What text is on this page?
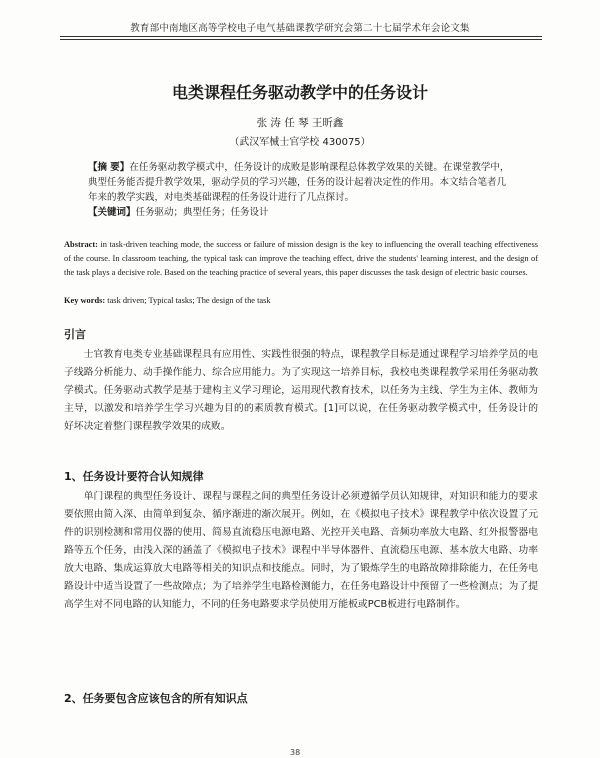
教育部中南地区高等学校电子电气基础课教学研究会第二十七届学术年会论文集
电类课程任务驱动教学中的任务设计
张 涛 任 琴 王昕鑫
（武汉军械士官学校 430075）
【摘 要】在任务驱动教学模式中，任务设计的成败是影响课程总体教学效果的关键。在课堂教学中，典型任务能否提升教学效果，驱动学员的学习兴趣，任务的设计起着决定性的作用。本文结合笔者几年来的教学实践，对电类基础课程的任务设计进行了几点探讨。
【关键词】任务驱动；典型任务；任务设计
Abstract: in task-driven teaching mode, the success or failure of mission design is the key to influencing the overall teaching effectiveness of the course. In classroom teaching, the typical task can improve the teaching effect, drive the students' learning interest, and the design of the task plays a decisive role. Based on the teaching practice of several years, this paper discusses the task design of electric basic courses.
Key words: task driven; Typical tasks; The design of the task
引言
士官教育电类专业基础课程具有应用性、实践性很强的特点，课程教学目标是通过课程学习培养学员的电子线路分析能力、动手操作能力、综合应用能力。为了实现这一培养目标，我校电类课程教学采用任务驱动教学模式。任务驱动式教学是基于建构主义学习理论，运用现代教育技术，以任务为主线、学生为主体、教师为主导，以激发和培养学生学习兴趣为目的的素质教育模式。[1]可以说，在任务驱动教学模式中，任务设计的好坏决定着整门课程教学效果的成败。
1、任务设计要符合认知规律
单门课程的典型任务设计、课程与课程之间的典型任务设计必须遵循学员认知规律，对知识和能力的要求要依照由简入深、由简单到复杂、循序渐进的渐次展开。例如，在《模拟电子技术》课程教学中依次设置了元件的识别检测和常用仪器的使用、简易直流稳压电源电路、光控开关电路、音频功率放大电路、红外报警器电路等五个任务，由浅入深的涵盖了《模拟电子技术》课程中半导体器件、直流稳压电源、基本放大电路、功率放大电路、集成运算放大电路等相关的知识点和技能点。同时，为了锻炼学生的电路故障排除能力，在任务电路设计中适当设置了一些故障点；为了培养学生电路检测能力，在任务电路设计中预留了一些检测点；为了提高学生对不同电路的认知能力，不同的任务电路要求学员使用万能板或PCB板进行电路制作。
2、任务要包含应该包含的所有知识点
38
